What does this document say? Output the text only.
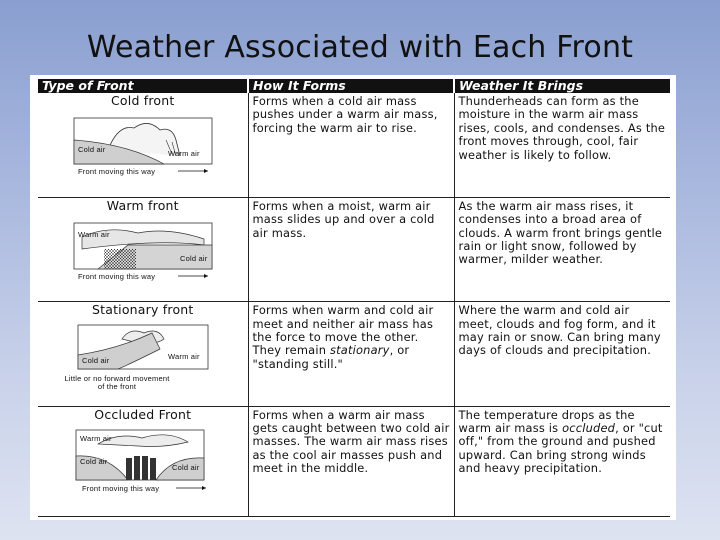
Weather Associated with Each Front
Type of Front	How It Forms	Weather It Brings

Cold front
Cold air Warm air
Front moving this way	Forms when a cold air mass pushes under a warm air mass, forcing the warm air to rise.	Thunderheads can form as the moisture in the warm air mass rises, cools, and condenses. As the front moves through, cool, fair weather is likely to follow.

Warm front
Warm air
Cold air
Front moving this way	Forms when a moist, warm air mass slides up and over a cold air mass.	As the warm air mass rises, it condenses into a broad area of clouds. A warm front brings gentle rain or light snow, followed by warmer, milder weather.

Stationary front
Cold air Warm air
Little or no forward movement of the front	Forms when warm and cold air meet and neither air mass has the force to move the other. They remain stationary, or "standing still."	Where the warm and cold air meet, clouds and fog form, and it may rain or snow. Can bring many days of clouds and precipitation.

Occluded Front
Warm air
Cold air
Cold air
Front moving this way	Forms when a warm air mass gets caught between two cold air masses. The warm air mass rises as the cool air masses push and meet in the middle.	The temperature drops as the warm air mass is occluded, or "cut off," from the ground and pushed upward. Can bring strong winds and heavy precipitation.
